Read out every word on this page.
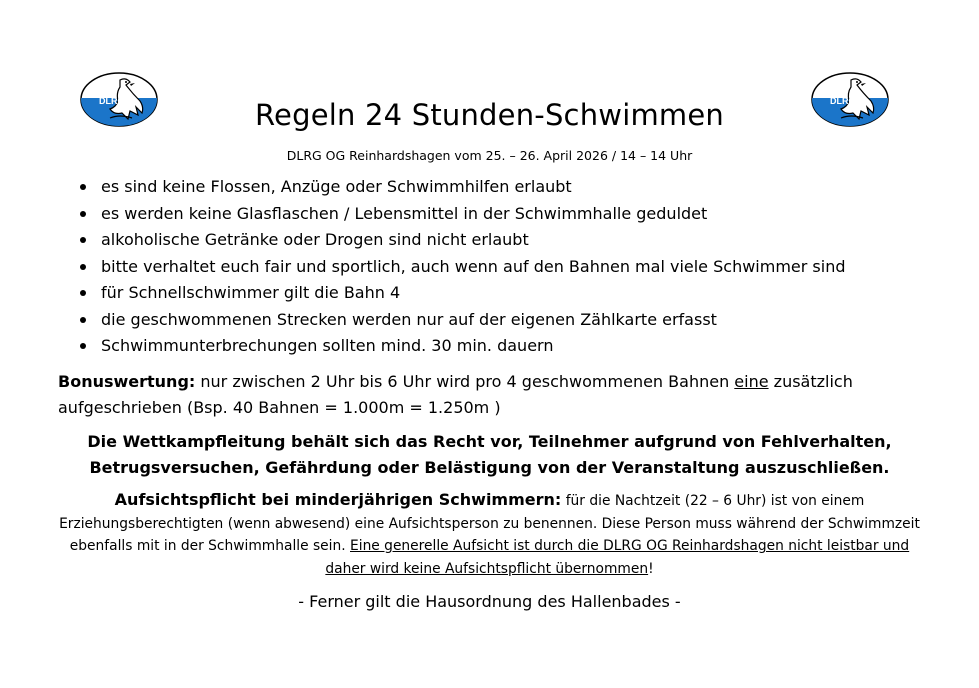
DLRG	DLRG
Regeln 24 Stunden-Schwimmen
DLRG OG Reinhardshagen vom 25. – 26. April 2026 / 14 – 14 Uhr
es sind keine Flossen, Anzüge oder Schwimmhilfen erlaubt
es werden keine Glasflaschen / Lebensmittel in der Schwimmhalle geduldet
alkoholische Getränke oder Drogen sind nicht erlaubt
bitte verhaltet euch fair und sportlich, auch wenn auf den Bahnen mal viele Schwimmer sind
für Schnellschwimmer gilt die Bahn 4
die geschwommenen Strecken werden nur auf der eigenen Zählkarte erfasst
Schwimmunterbrechungen sollten mind. 30 min. dauern
Bonuswertung: nur zwischen 2 Uhr bis 6 Uhr wird pro 4 geschwommenen Bahnen eine zusätzlich aufgeschrieben (Bsp. 40 Bahnen = 1.000m = 1.250m )
Die Wettkampfleitung behält sich das Recht vor, Teilnehmer aufgrund von Fehlverhalten, Betrugsversuchen, Gefährdung oder Belästigung von der Veranstaltung auszuschließen.
Aufsichtspflicht bei minderjährigen Schwimmern: für die Nachtzeit (22 – 6 Uhr) ist von einem Erziehungsberechtigten (wenn abwesend) eine Aufsichtsperson zu benennen. Diese Person muss während der Schwimmzeit ebenfalls mit in der Schwimmhalle sein. Eine generelle Aufsicht ist durch die DLRG OG Reinhardshagen nicht leistbar und daher wird keine Aufsichtspflicht übernommen!
- Ferner gilt die Hausordnung des Hallenbades -
